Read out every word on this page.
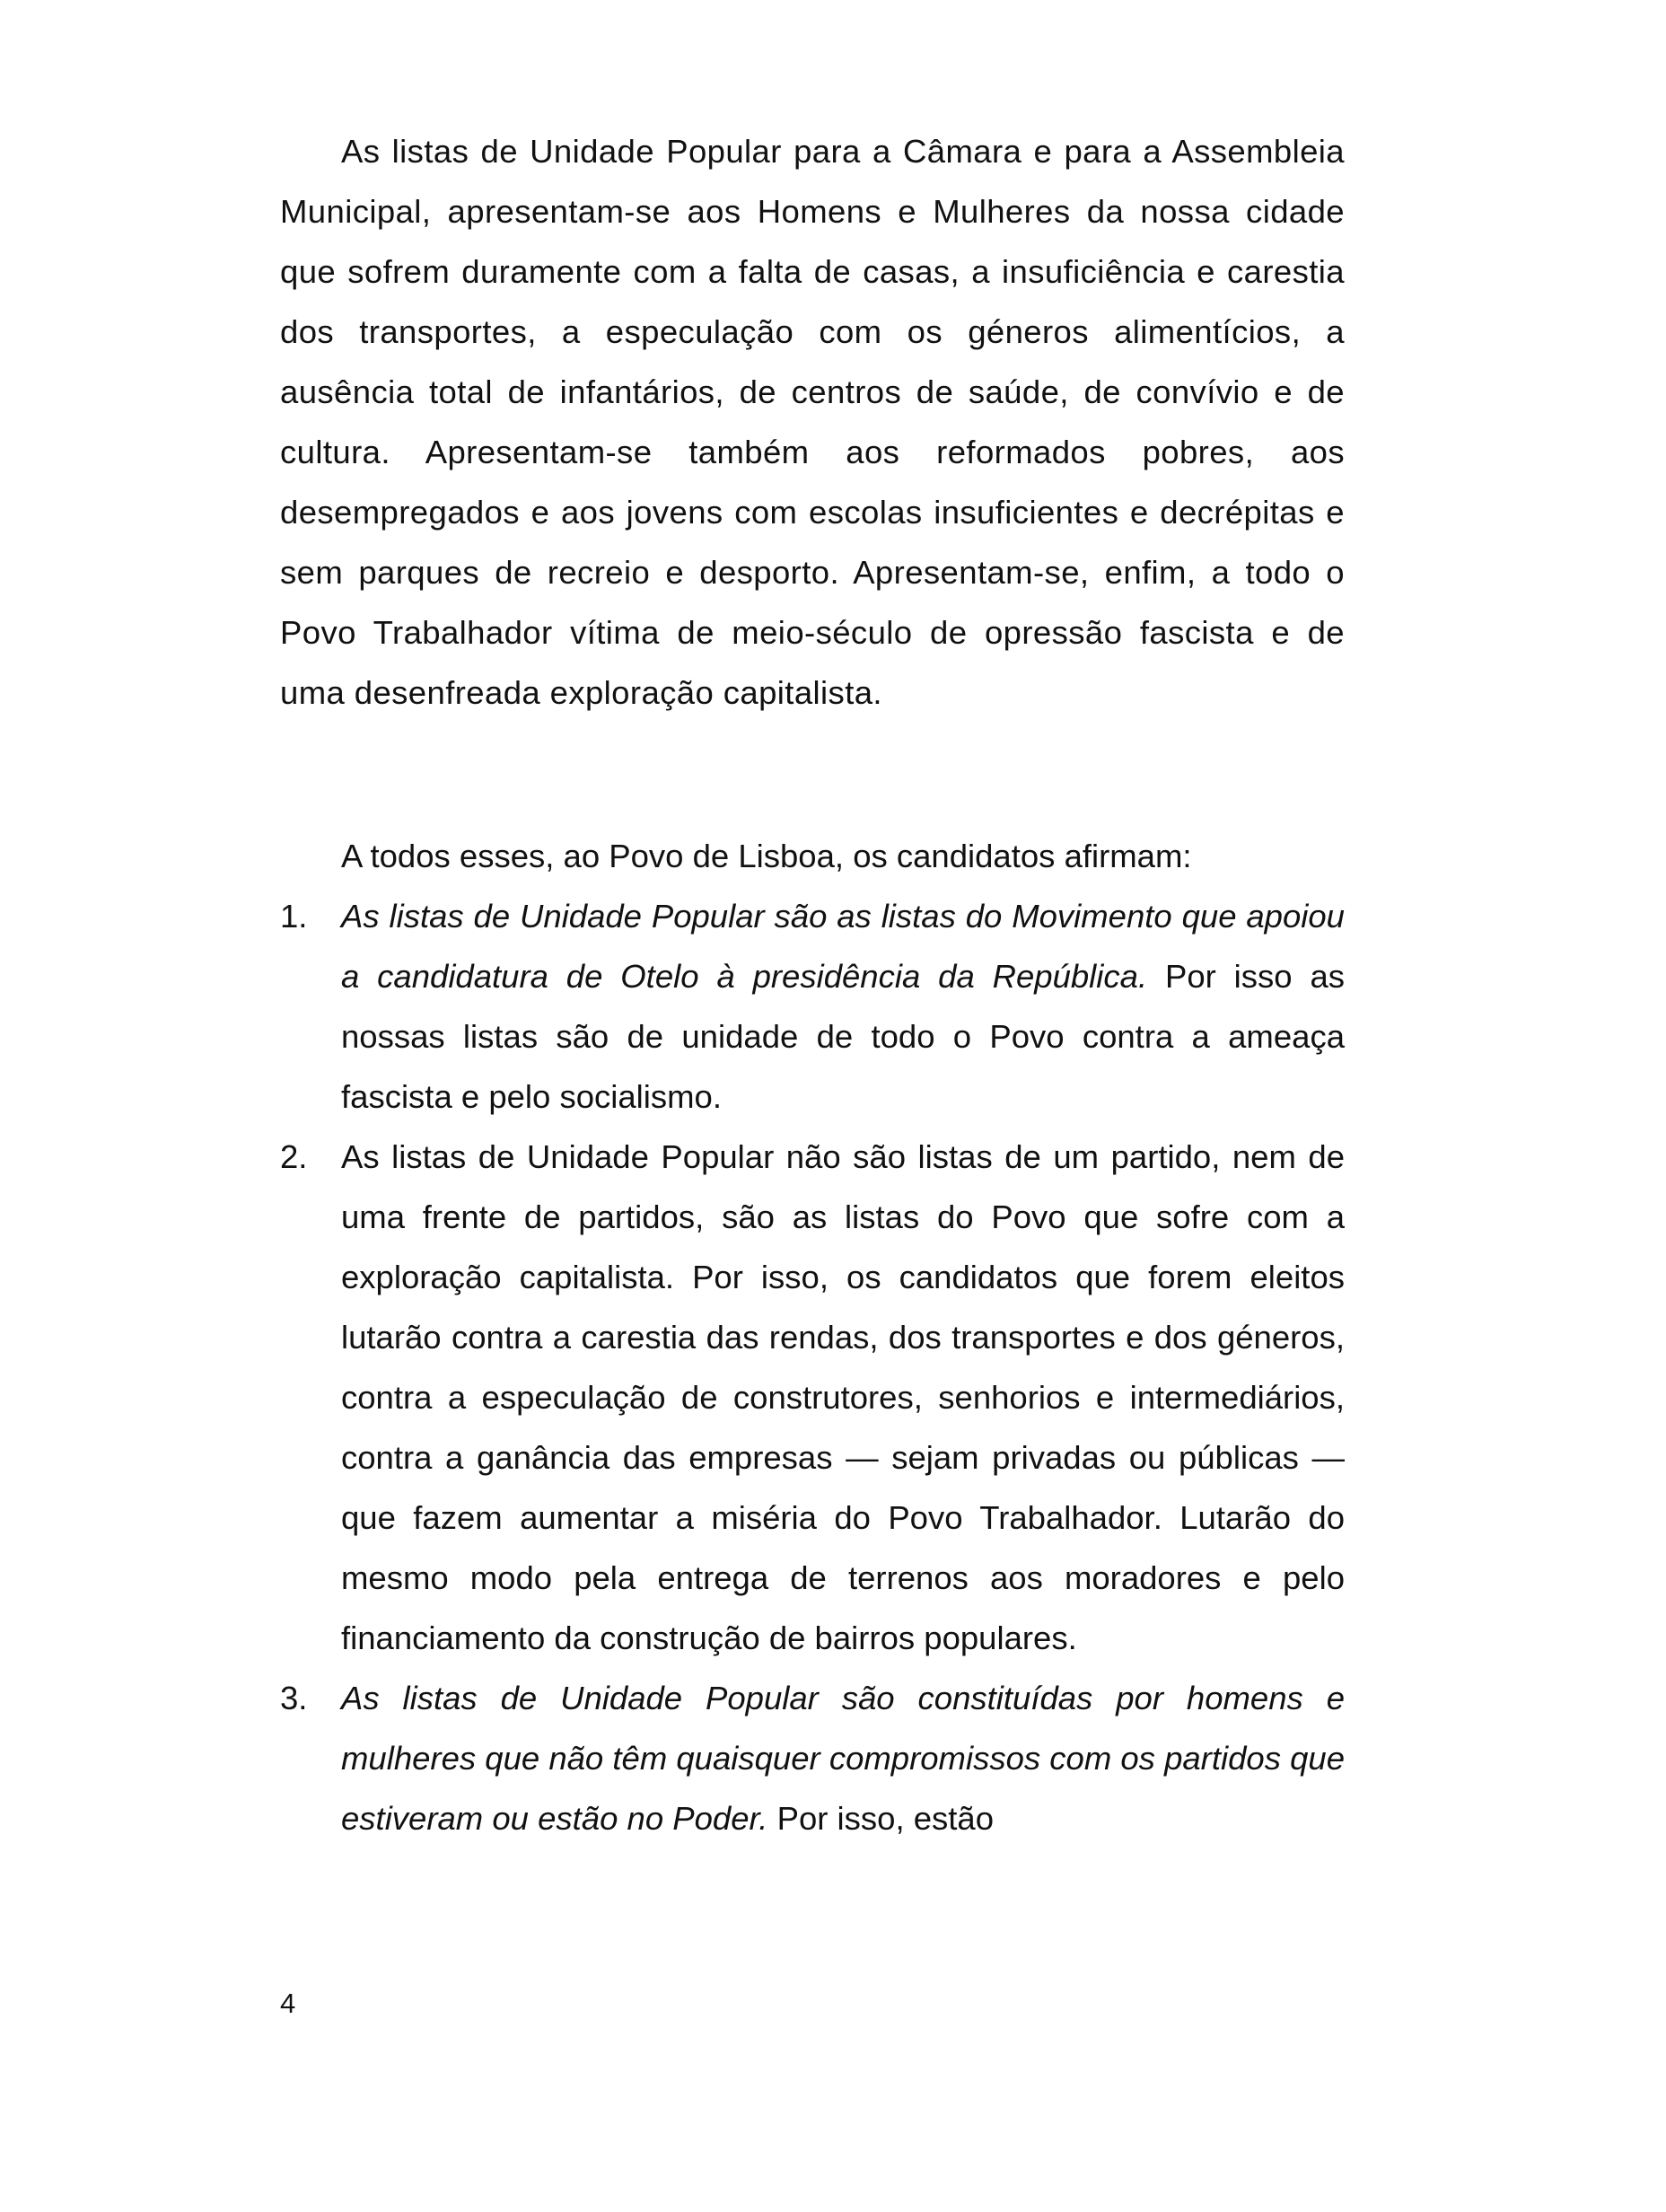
As listas de Unidade Popular para a Câmara e para a Assembleia Municipal, apresentam-se aos Homens e Mulheres da nossa cidade que sofrem duramente com a falta de casas, a insuficiência e carestia dos transportes, a especulação com os géneros alimentícios, a ausência total de infantários, de centros de saúde, de convívio e de cultura. Apresentam-se também aos reformados pobres, aos desempregados e aos jovens com escolas insuficientes e decrépitas e sem parques de recreio e desporto. Apresentam-se, enfim, a todo o Povo Trabalhador vítima de meio-século de opressão fascista e de uma desenfreada exploração capitalista.

A todos esses, ao Povo de Lisboa, os candidatos afirmam:

1.	As listas de Unidade Popular são as listas do Movimento que apoiou a candidatura de Otelo à presidência da República. Por isso as nossas listas são de unidade de todo o Povo contra a ameaça fascista e pelo socialismo.
2.	As listas de Unidade Popular não são listas de um partido, nem de uma frente de partidos, são as listas do Povo que sofre com a exploração capitalista. Por isso, os candidatos que forem eleitos lutarão contra a carestia das rendas, dos transportes e dos géneros, contra a especulação de construtores, senhorios e intermediários, contra a ganância das empresas — sejam privadas ou públicas — que fazem aumentar a miséria do Povo Trabalhador. Lutarão do mesmo modo pela entrega de terrenos aos moradores e pelo financiamento da construção de bairros populares.
3.	As listas de Unidade Popular são constituídas por homens e mulheres que não têm quaisquer compromissos com os partidos que estiveram ou estão no Poder. Por isso, estão
4
